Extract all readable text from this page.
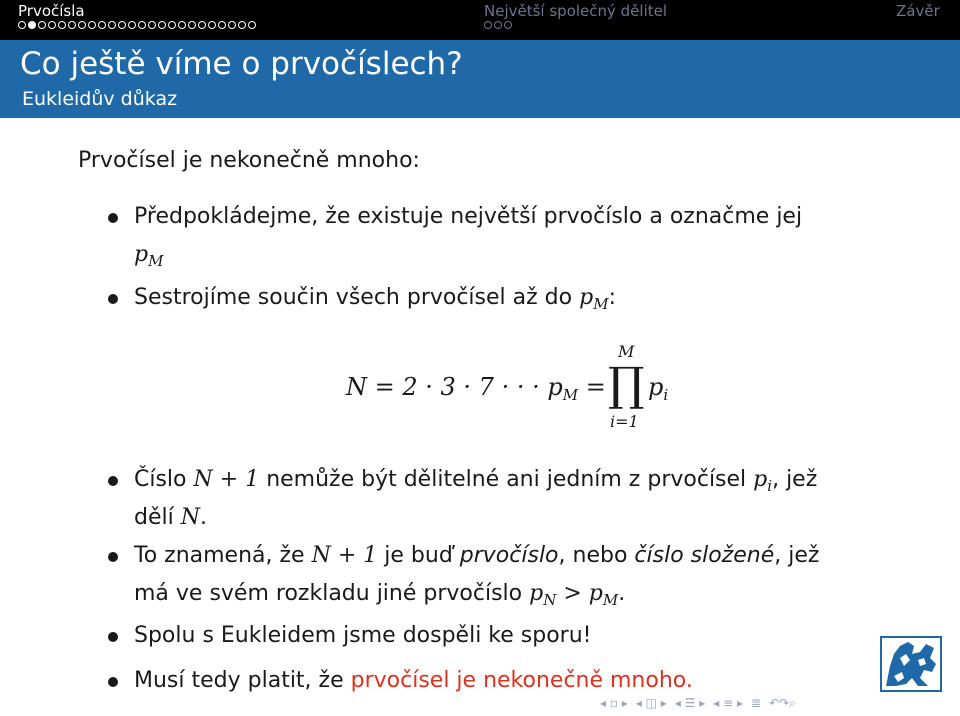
Prvočísla	Největší společný dělitel	Závěr
Co ještě víme o prvočíslech?
Eukleidův důkaz
Prvočísel je nekonečně mnoho:
Předpokládejme, že existuje největší prvočíslo a označme jej
$p_M$
Sestrojíme součin všech prvočísel až do $p_M$:
N = 2 · 3 · 7 · · · $p_M$ =
M
∏
i=1
$p_i$
Číslo N + 1 nemůže být dělitelné ani jedním z prvočísel $p_i$, jež
dělí N.
To znamená, že N + 1 je buď prvočíslo, nebo číslo složené, jež
má ve svém rozkladu jiné prvočíslo $p_N > p_M$.
Spolu s Eukleidem jsme dospěli ke sporu!
Musí tedy platit, že prvočísel je nekonečně mnoho.
◂ ▫ ▸ ◂ ◫ ▸ ◂ ☰ ▸ ◂ ≡ ▸ ≣ ↶↷⌕
